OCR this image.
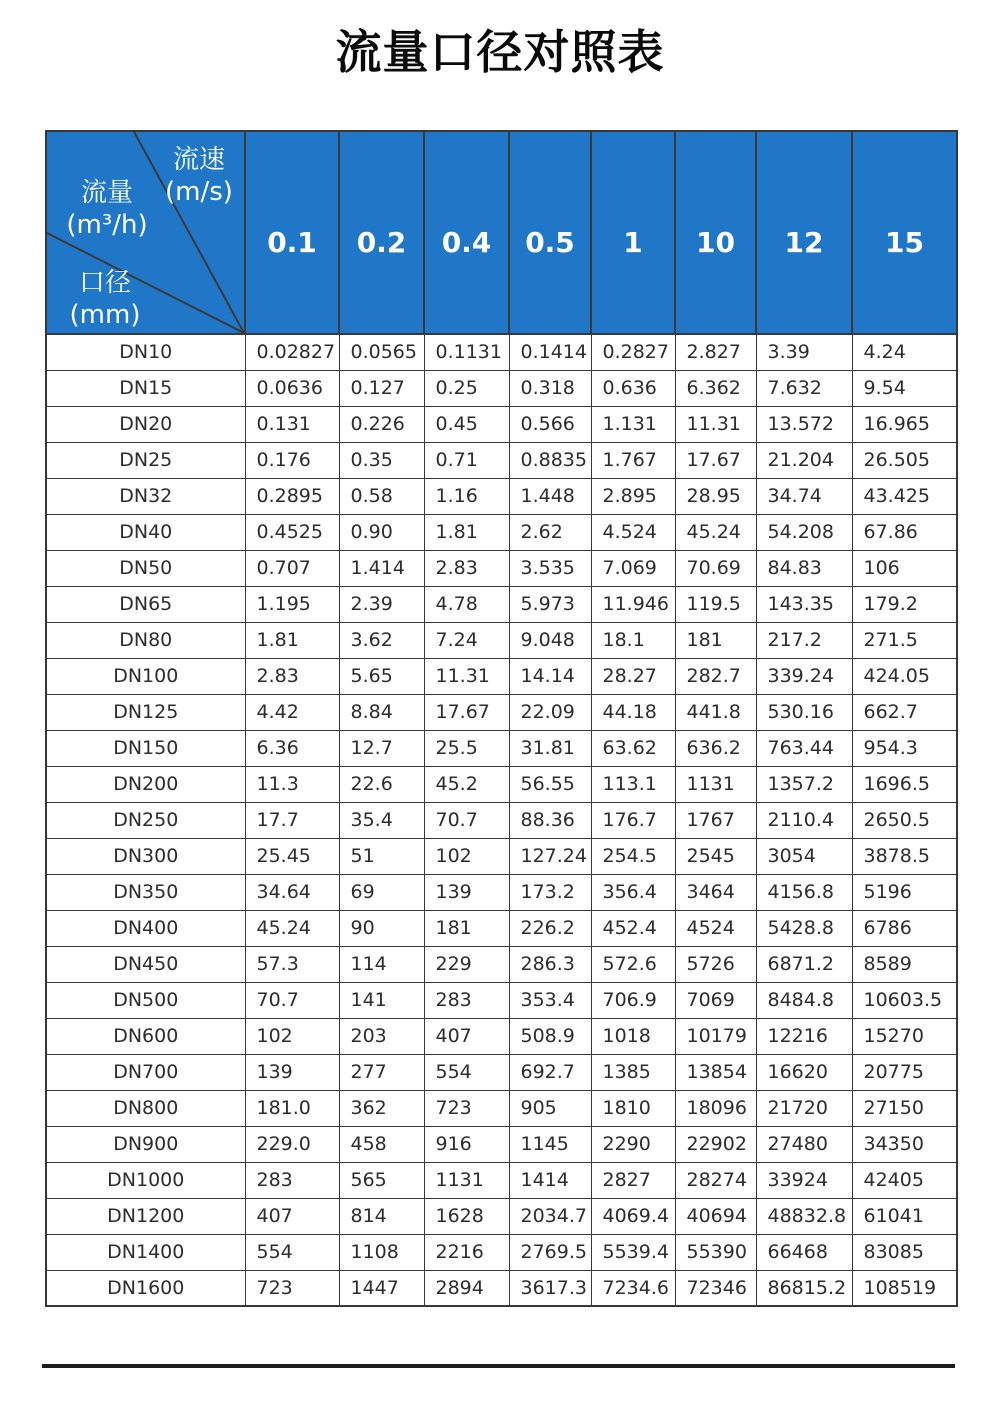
流量口径对照表
流速
(m/s)
流量
(m³/h)
口径
(mm)
	0.1	0.2	0.4	0.5	1	10	12	15
DN10	0.02827	0.0565	0.1131	0.1414	0.2827	2.827	3.39	4.24
DN15	0.0636	0.127	0.25	0.318	0.636	6.362	7.632	9.54
DN20	0.131	0.226	0.45	0.566	1.131	11.31	13.572	16.965
DN25	0.176	0.35	0.71	0.8835	1.767	17.67	21.204	26.505
DN32	0.2895	0.58	1.16	1.448	2.895	28.95	34.74	43.425
DN40	0.4525	0.90	1.81	2.62	4.524	45.24	54.208	67.86
DN50	0.707	1.414	2.83	3.535	7.069	70.69	84.83	106
DN65	1.195	2.39	4.78	5.973	11.946	119.5	143.35	179.2
DN80	1.81	3.62	7.24	9.048	18.1	181	217.2	271.5
DN100	2.83	5.65	11.31	14.14	28.27	282.7	339.24	424.05
DN125	4.42	8.84	17.67	22.09	44.18	441.8	530.16	662.7
DN150	6.36	12.7	25.5	31.81	63.62	636.2	763.44	954.3
DN200	11.3	22.6	45.2	56.55	113.1	1131	1357.2	1696.5
DN250	17.7	35.4	70.7	88.36	176.7	1767	2110.4	2650.5
DN300	25.45	51	102	127.24	254.5	2545	3054	3878.5
DN350	34.64	69	139	173.2	356.4	3464	4156.8	5196
DN400	45.24	90	181	226.2	452.4	4524	5428.8	6786
DN450	57.3	114	229	286.3	572.6	5726	6871.2	8589
DN500	70.7	141	283	353.4	706.9	7069	8484.8	10603.5
DN600	102	203	407	508.9	1018	10179	12216	15270
DN700	139	277	554	692.7	1385	13854	16620	20775
DN800	181.0	362	723	905	1810	18096	21720	27150
DN900	229.0	458	916	1145	2290	22902	27480	34350
DN1000	283	565	1131	1414	2827	28274	33924	42405
DN1200	407	814	1628	2034.7	4069.4	40694	48832.8	61041
DN1400	554	1108	2216	2769.5	5539.4	55390	66468	83085
DN1600	723	1447	2894	3617.3	7234.6	72346	86815.2	108519
